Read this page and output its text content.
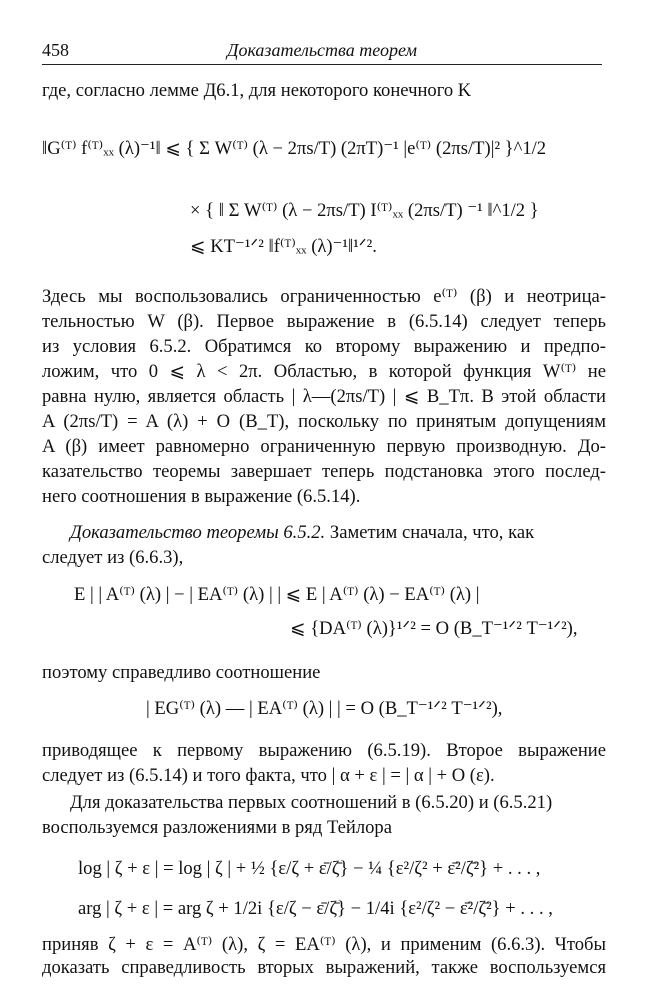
458	Доказательства теорем
где, согласно лемме Д6.1, для некоторого конечного K
‖G⁽ᵀ⁾ f⁽ᵀ⁾ₓₓ (λ)⁻¹‖ ⩽ { Σ W⁽ᵀ⁾ (λ − 2πs/T) (2πT)⁻¹ |e⁽ᵀ⁾ (2πs/T)|² }^1/2
× { ‖ Σ W⁽ᵀ⁾ (λ − 2πs/T) I⁽ᵀ⁾ₓₓ (2πs/T) ⁻¹ ‖^1/2 }
⩽ KT⁻¹ᐟ² ‖f⁽ᵀ⁾ₓₓ (λ)⁻¹‖¹ᐟ².
Здесь мы воспользовались ограниченностью e⁽ᵀ⁾ (β) и неотрица-
тельностью W (β). Первое выражение в (6.5.14) следует теперь
из условия 6.5.2. Обратимся ко второму выражению и предпо-
ложим, что 0 ⩽ λ < 2π. Областью, в которой функция W⁽ᵀ⁾ не
равна нулю, является область | λ—(2πs/T) | ⩽ B_Tπ. В этой области
A (2πs/T) = A (λ) + O (B_T), поскольку по принятым допущениям
A (β) имеет равномерно ограниченную первую производную. До-
казательство теоремы завершает теперь подстановка этого послед-
него соотношения в выражение (6.5.14).
Доказательство теоремы 6.5.2. Заметим сначала, что, как
следует из (6.6.3),
E | | A⁽ᵀ⁾ (λ) | − | EA⁽ᵀ⁾ (λ) | | ⩽ E | A⁽ᵀ⁾ (λ) − EA⁽ᵀ⁾ (λ) |
⩽ {DA⁽ᵀ⁾ (λ)}¹ᐟ² = O (B_T⁻¹ᐟ² T⁻¹ᐟ²),
поэтому справедливо соотношение
| EG⁽ᵀ⁾ (λ) — | EA⁽ᵀ⁾ (λ) | | = O (B_T⁻¹ᐟ² T⁻¹ᐟ²),
приводящее к первому выражению (6.5.19). Второе выражение
следует из (6.5.14) и того факта, что | α + ε | = | α | + O (ε).
Для доказательства первых соотношений в (6.5.20) и (6.5.21)
воспользуемся разложениями в ряд Тейлора
log | ζ + ε | = log | ζ | + ½ {ε/ζ + ε̄/ζ̄} − ¼ {ε²/ζ² + ε̄²/ζ̄²} + . . . ,
arg | ζ + ε | = arg ζ + 1/2i {ε/ζ − ε̄/ζ̄} − 1/4i {ε²/ζ² − ε̄²/ζ̄²} + . . . ,
приняв ζ + ε = A⁽ᵀ⁾ (λ), ζ = EA⁽ᵀ⁾ (λ), и применим (6.6.3). Чтобы
доказать справедливость вторых выражений, также воспользуемся
